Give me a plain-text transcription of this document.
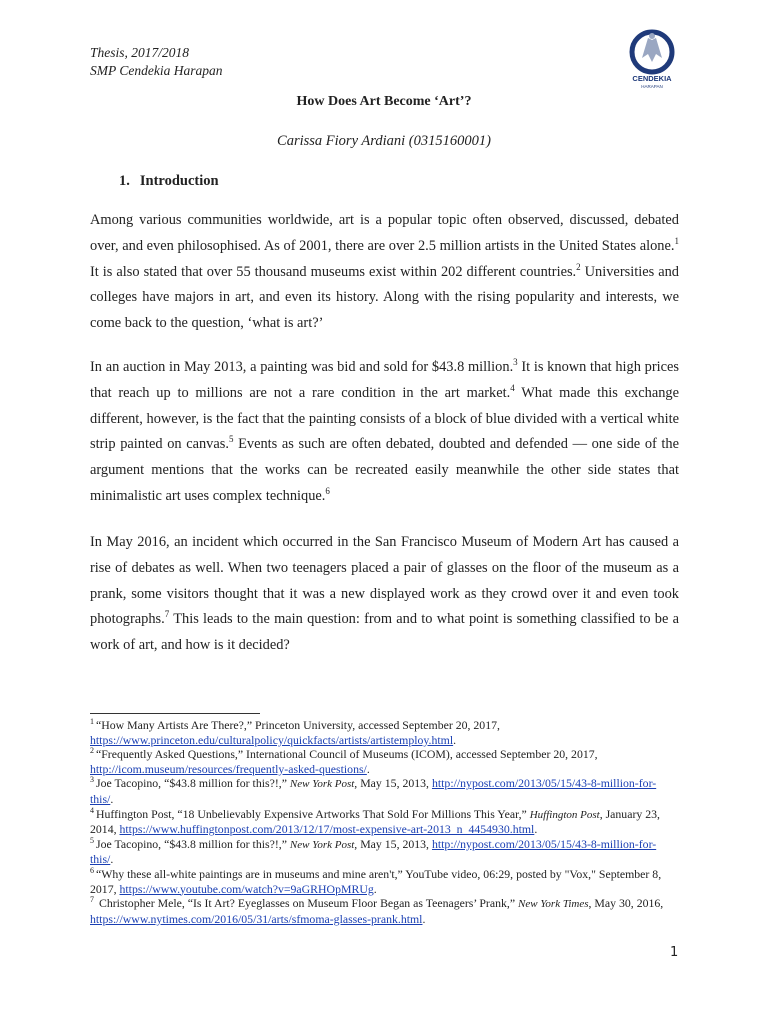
Thesis, 2017/2018
SMP Cendekia Harapan
CENDEKIA
HARAPAN
How Does Art Become ‘Art’?
Carissa Fiory Ardiani (0315160001)
1. Introduction

Among various communities worldwide, art is a popular topic often observed, discussed, debated over, and even philosophised. As of 2001, there are over 2.5 million artists in the United States alone.$^1$ It is also stated that over 55 thousand museums exist within 202 different countries.$^2$ Universities and colleges have majors in art, and even its history. Along with the rising popularity and interests, we come back to the question, ‘what is art?’

In an auction in May 2013, a painting was bid and sold for $43.8 million.$^3$ It is known that high prices that reach up to millions are not a rare condition in the art market.$^4$ What made this exchange different, however, is the fact that the painting consists of a block of blue divided with a vertical white strip painted on canvas.$^5$ Events as such are often debated, doubted and defended — one side of the argument mentions that the works can be recreated easily meanwhile the other side states that minimalistic art uses complex technique.$^6$

In May 2016, an incident which occurred in the San Francisco Museum of Modern Art has caused a rise of debates as well. When two teenagers placed a pair of glasses on the floor of the museum as a prank, some visitors thought that it was a new displayed work as they crowd over it and even took photographs.$^7$ This leads to the main question: from and to what point is something classified to be a work of art, and how is it decided?

$^1$ “How Many Artists Are There?,” Princeton University, accessed September 20, 2017, https://www.princeton.edu/culturalpolicy/quickfacts/artists/artistemploy.html.

$^2$ “Frequently Asked Questions,” International Council of Museums (ICOM), accessed September 20, 2017, http://icom.museum/resources/frequently-asked-questions/.

$^3$ Joe Tacopino, “$43.8 million for this?!,” New York Post, May 15, 2013, http://nypost.com/2013/05/15/43-8-million-for-this/.

$^4$ Huffington Post, “18 Unbelievably Expensive Artworks That Sold For Millions This Year,” Huffington Post, January 23, 2014, https://www.huffingtonpost.com/2013/12/17/most-expensive-art-2013_n_4454930.html.

$^5$ Joe Tacopino, “$43.8 million for this?!,” New York Post, May 15, 2013, http://nypost.com/2013/05/15/43-8-million-for-this/.

$^6$ “Why these all-white paintings are in museums and mine aren't,” YouTube video, 06:29, posted by "Vox," September 8, 2017, https://www.youtube.com/watch?v=9aGRHOpMRUg.

$^7$ Christopher Mele, “Is It Art? Eyeglasses on Museum Floor Began as Teenagers’ Prank,” New York Times, May 30, 2016, https://www.nytimes.com/2016/05/31/arts/sfmoma-glasses-prank.html.

1
